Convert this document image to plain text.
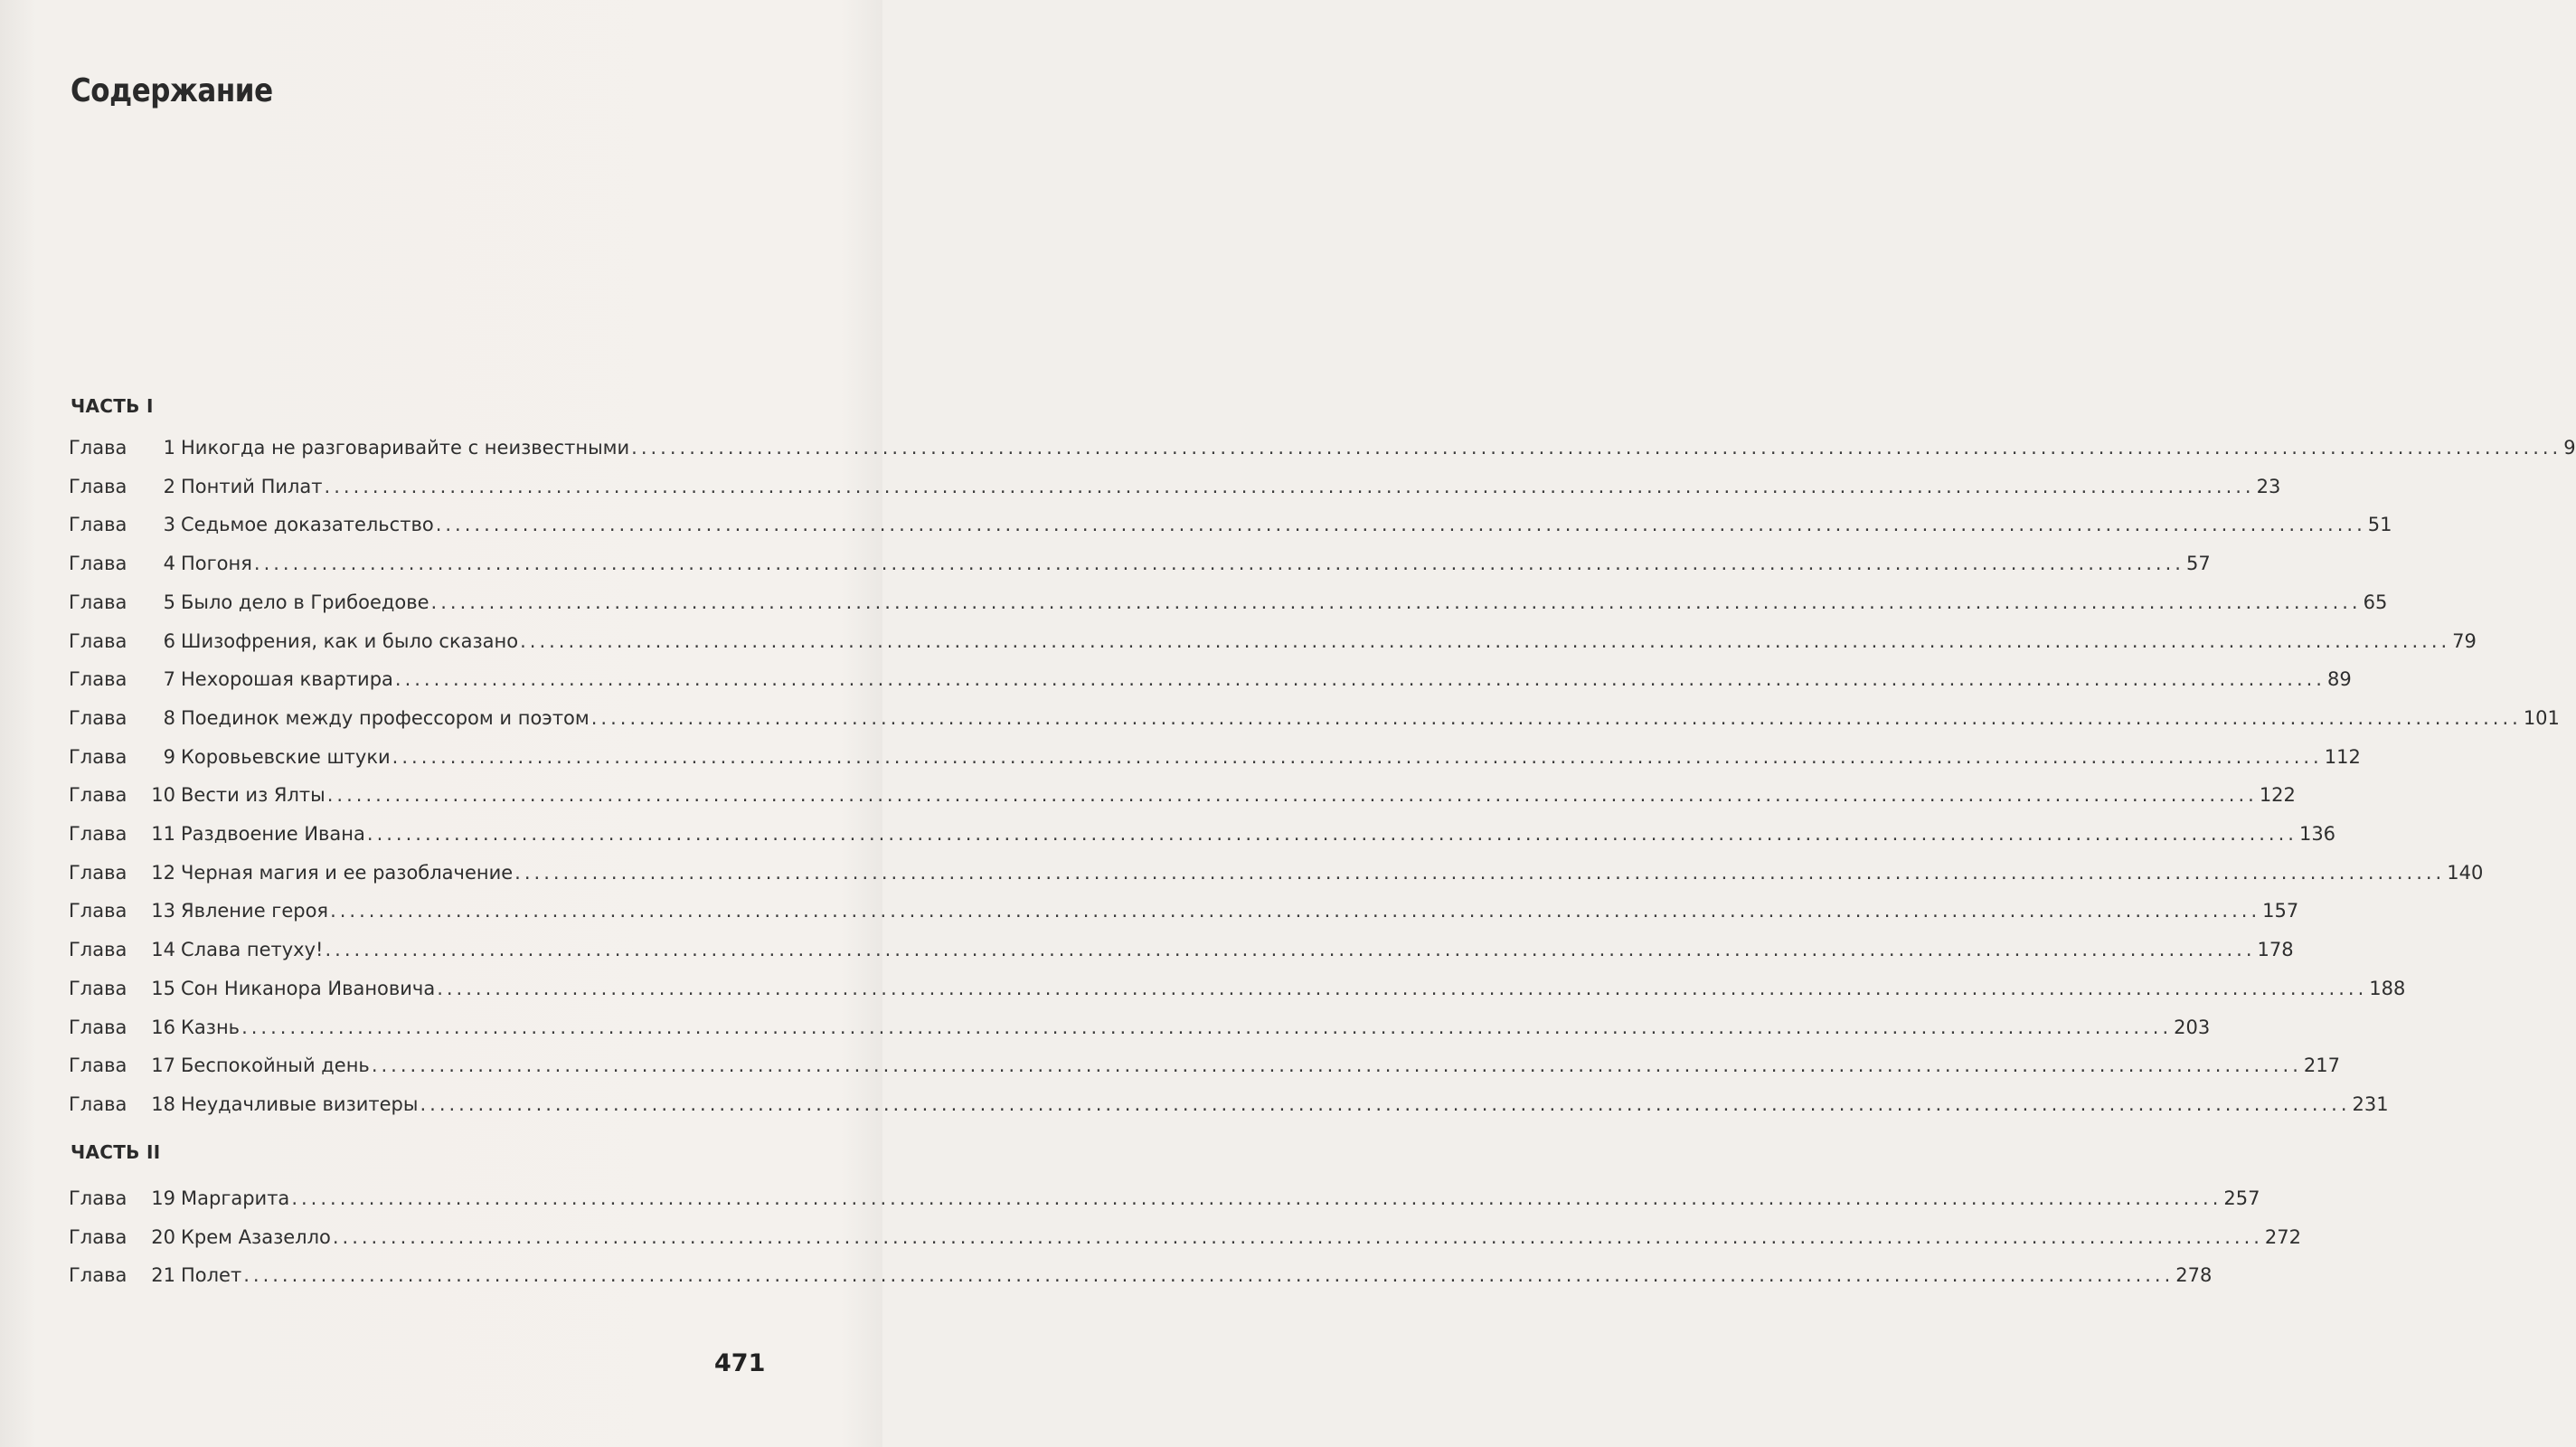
Содержание
ЧАСТЬ I
Глава	1 Никогда не разговаривайте с неизвестными ........................................................................................................................................................................................................ 9
Глава	2 Понтий Пилат ........................................................................................................................................................................................................ 23
Глава	3 Седьмое доказательство ........................................................................................................................................................................................................ 51
Глава	4 Погоня ........................................................................................................................................................................................................ 57
Глава	5 Было дело в Грибоедове ........................................................................................................................................................................................................ 65
Глава	6 Шизофрения, как и было сказано ........................................................................................................................................................................................................ 79
Глава	7 Нехорошая квартира ........................................................................................................................................................................................................ 89
Глава	8 Поединок между профессором и поэтом ........................................................................................................................................................................................................ 101
Глава	9 Коровьевские штуки ........................................................................................................................................................................................................ 112
Глава	10 Вести из Ялты ........................................................................................................................................................................................................ 122
Глава	11 Раздвоение Ивана ........................................................................................................................................................................................................ 136
Глава	12 Черная магия и ее разоблачение ........................................................................................................................................................................................................ 140
Глава	13 Явление героя ........................................................................................................................................................................................................ 157
Глава	14 Слава петуху! ........................................................................................................................................................................................................ 178
Глава	15 Сон Никанора Ивановича ........................................................................................................................................................................................................ 188
Глава	16 Казнь ........................................................................................................................................................................................................ 203
Глава	17 Беспокойный день ........................................................................................................................................................................................................ 217
Глава	18 Неудачливые визитеры ........................................................................................................................................................................................................ 231
ЧАСТЬ II
Глава	19 Маргарита ........................................................................................................................................................................................................ 257
Глава	20 Крем Азазелло ........................................................................................................................................................................................................ 272
Глава	21 Полет ........................................................................................................................................................................................................ 278
471
